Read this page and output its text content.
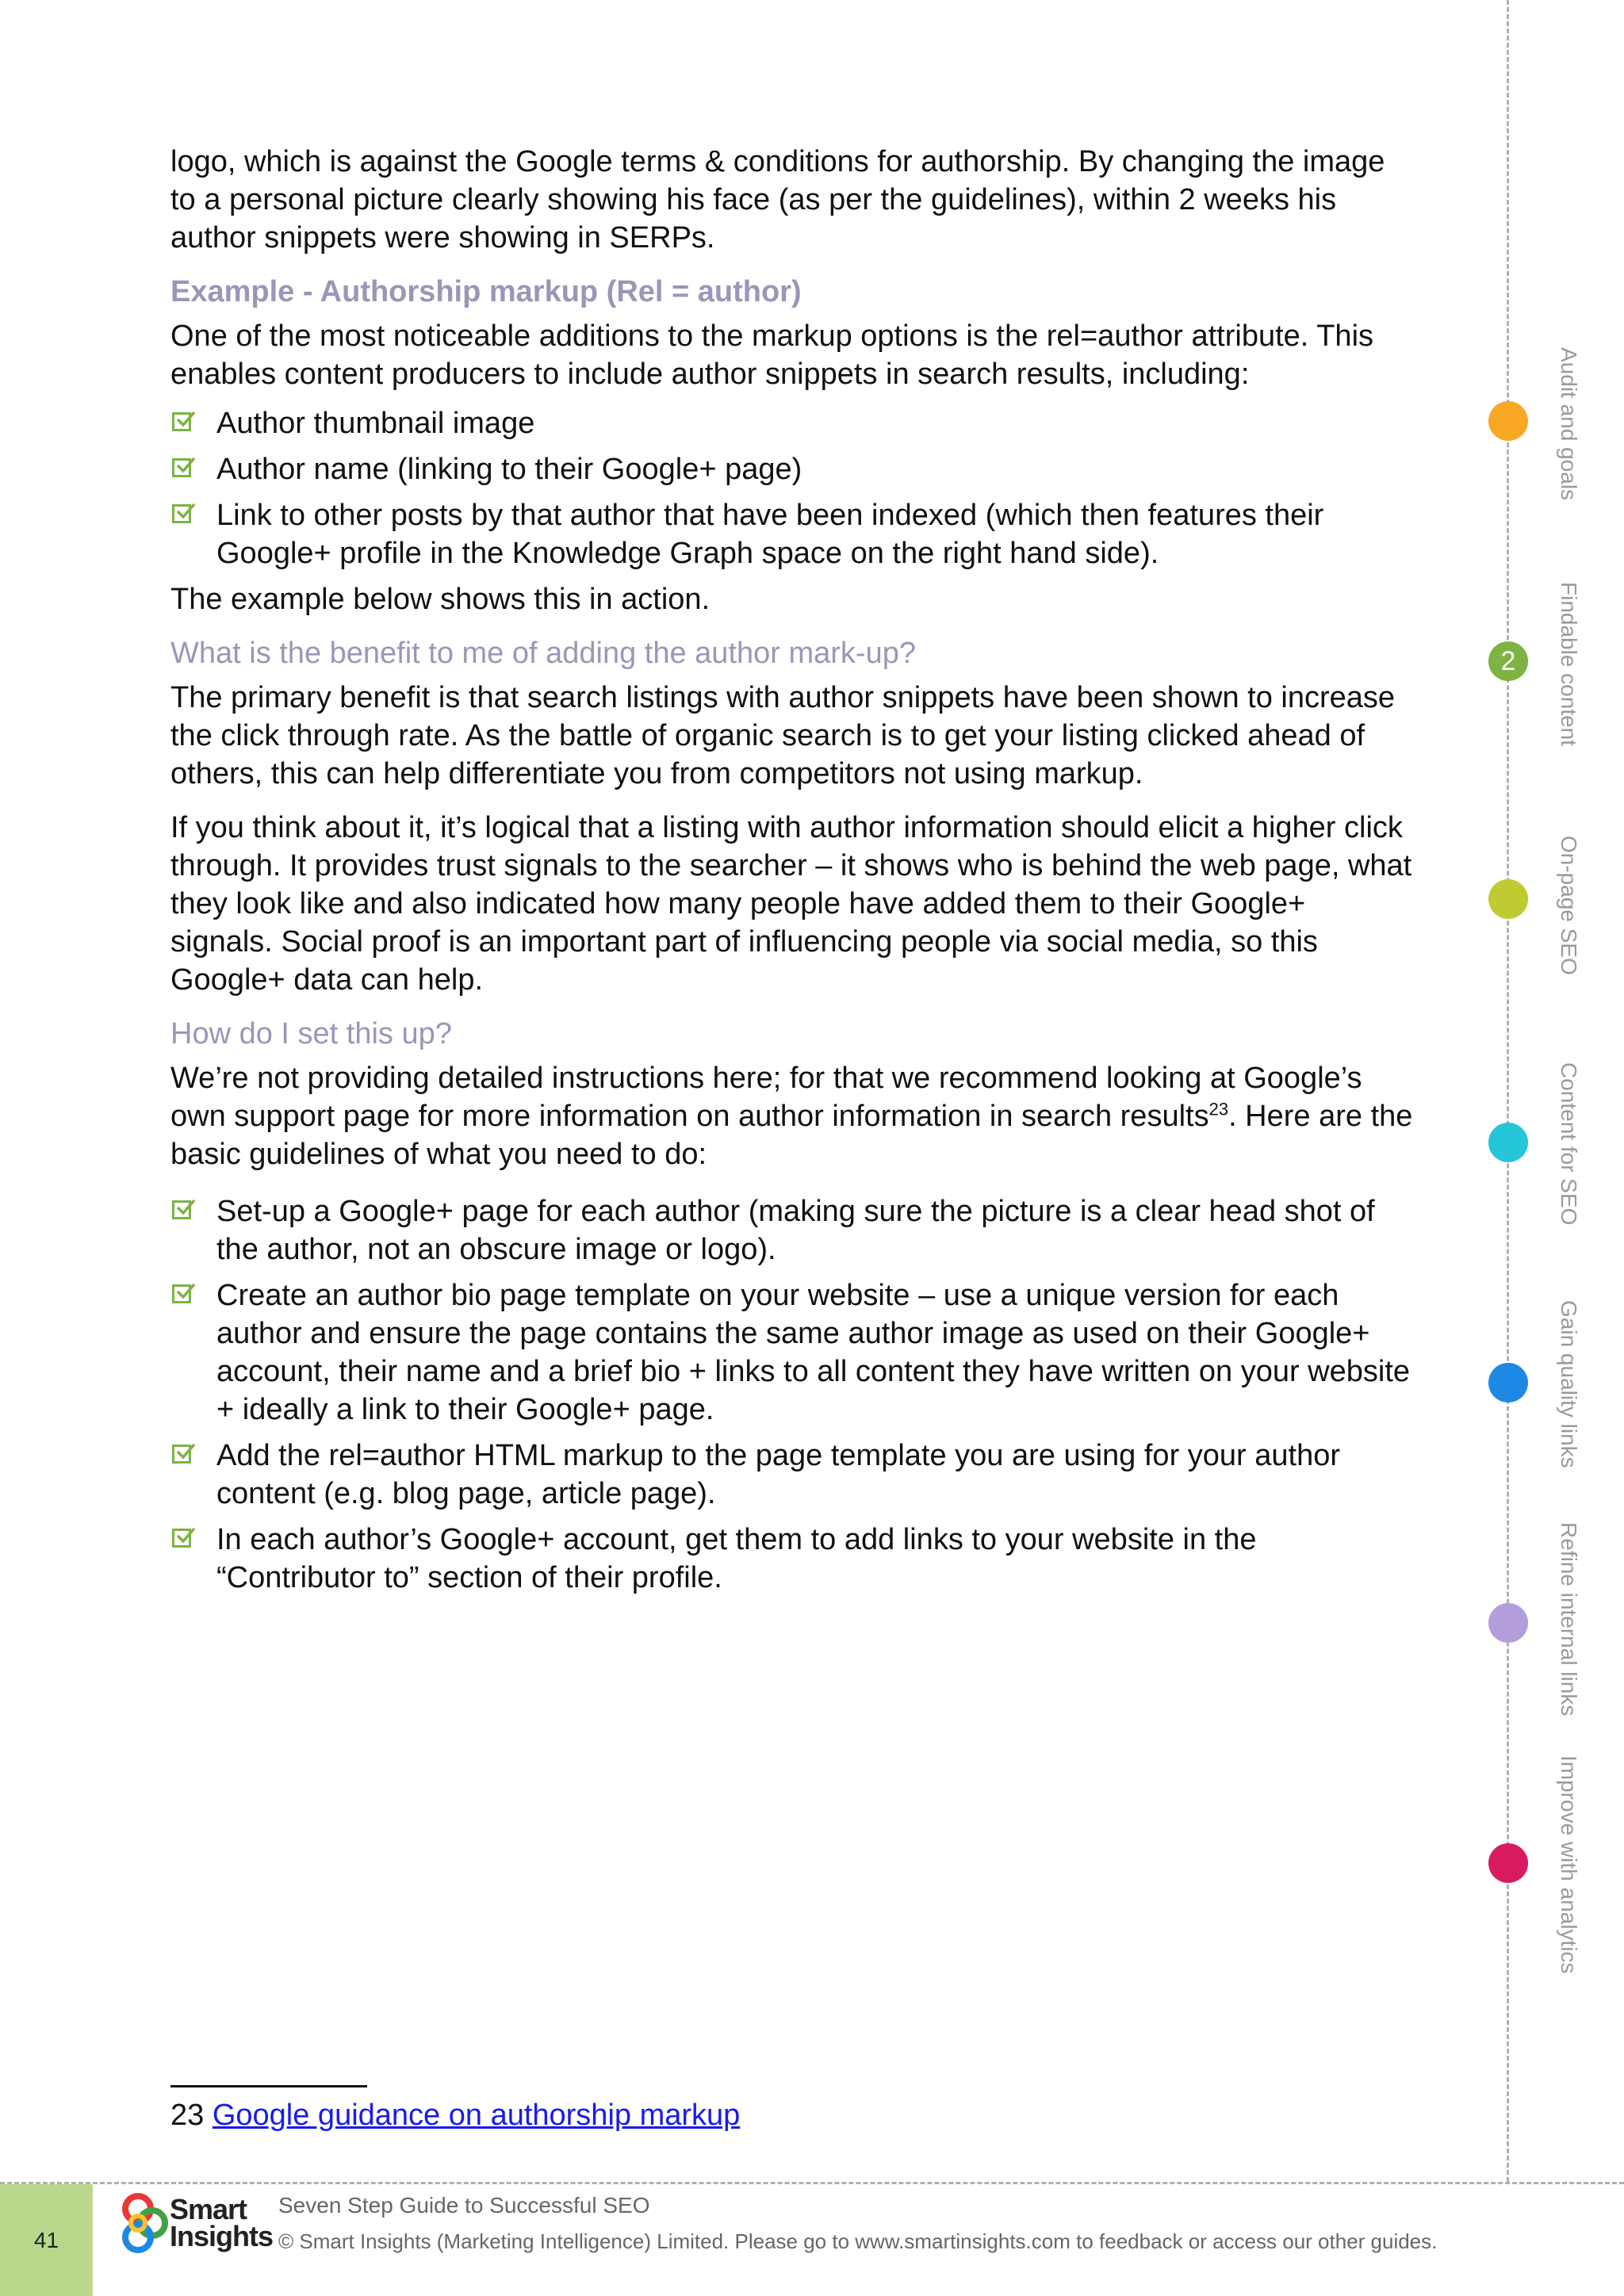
logo, which is against the Google terms & conditions for authorship. By changing the image to a personal picture clearly showing his face (as per the guidelines), within 2 weeks his author snippets were showing in SERPs.

Example - Authorship markup (Rel = author)

One of the most noticeable additions to the markup options is the rel=author attribute. This enables content producers to include author snippets in search results, including:

Author thumbnail image
Author name (linking to their Google+ page)
Link to other posts by that author that have been indexed (which then features their Google+ profile in the Knowledge Graph space on the right hand side).

The example below shows this in action.

What is the benefit to me of adding the author mark-up?

The primary benefit is that search listings with author snippets have been shown to increase the click through rate. As the battle of organic search is to get your listing clicked ahead of others, this can help differentiate you from competitors not using markup.

If you think about it, it’s logical that a listing with author information should elicit a higher click through. It provides trust signals to the searcher – it shows who is behind the web page, what they look like and also indicated how many people have added them to their Google+ signals. Social proof is an important part of influencing people via social media, so this Google+ data can help.

How do I set this up?

We’re not providing detailed instructions here; for that we recommend looking at Google’s own support page for more information on author information in search results$^{23}$. Here are the basic guidelines of what you need to do:

Set-up a Google+ page for each author (making sure the picture is a clear head shot of the author, not an obscure image or logo).
Create an author bio page template on your website – use a unique version for each author and ensure the page contains the same author image as used on their Google+ account, their name and a brief bio + links to all content they have written on your website + ideally a link to their Google+ page.
Add the rel=author HTML markup to the page template you are using for your author content (e.g. blog page, article page).
In each author’s Google+ account, get them to add links to your website in the “Contributor to” section of their profile.
23 Google guidance on authorship markup
Audit and goals
2	Findable content
On-page SEO
Content for SEO
Gain quality links
Refine internal links
Improve with analytics
41
Smart
Insights
Seven Step Guide to Successful SEO
© Smart Insights (Marketing Intelligence) Limited. Please go to www.smartinsights.com to feedback or access our other guides.
